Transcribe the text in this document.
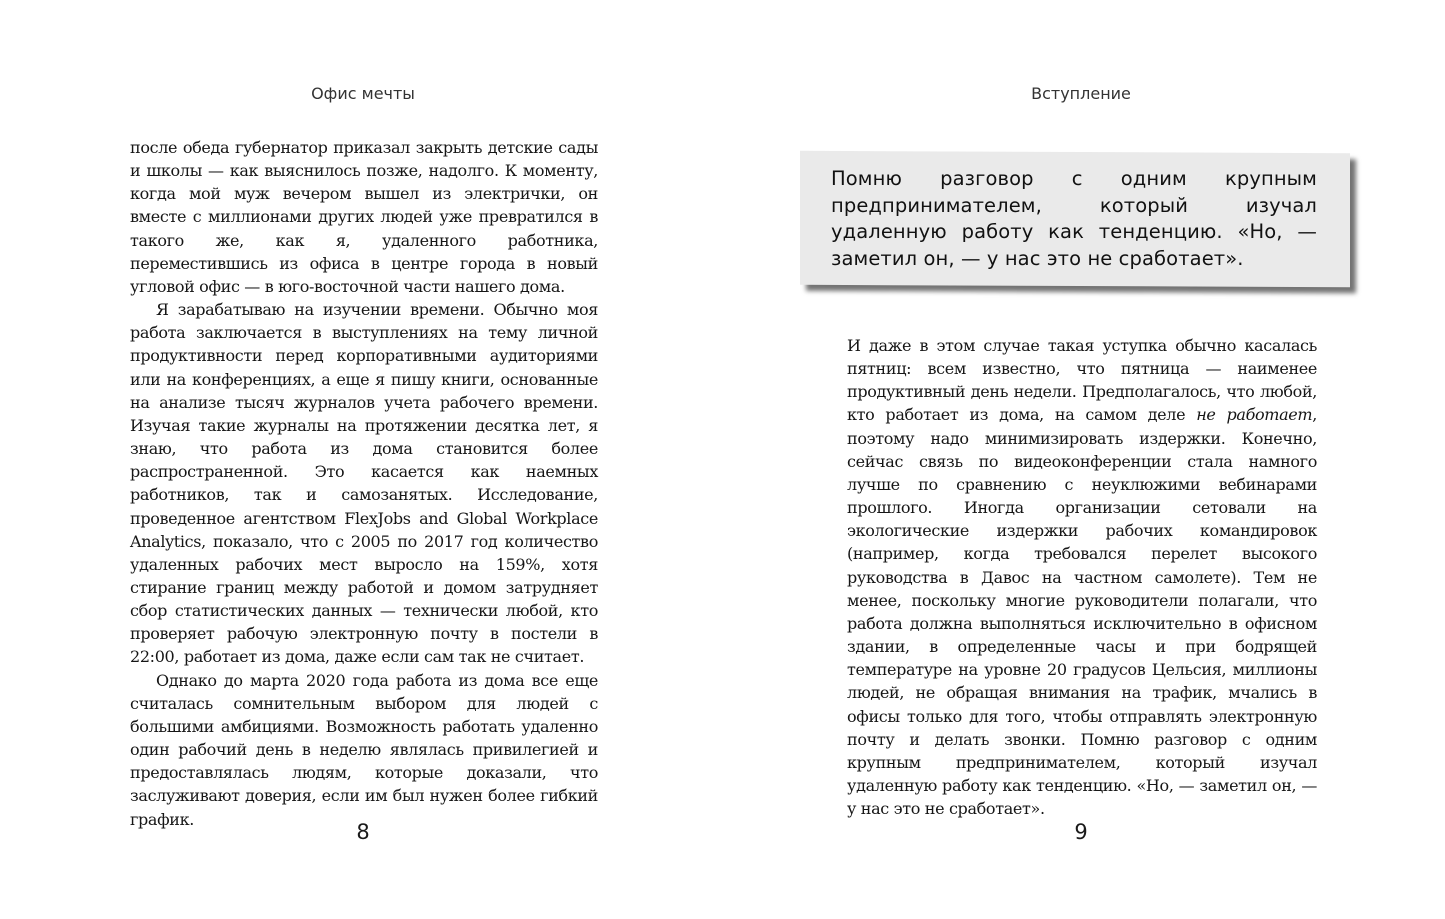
Офис мечты

после обеда губернатор приказал закрыть детские сады и школы — как выяснилось позже, надолго. К моменту, когда мой муж вечером вышел из электрички, он вместе с миллионами других людей уже превратился в такого же, как я, удаленного работника, переместившись из офиса в центре города в новый угловой офис — в юго-восточной части нашего дома.

Я зарабатываю на изучении времени. Обычно моя работа заключается в выступлениях на тему личной продуктивности перед корпоративными аудиториями или на конференциях, а еще я пишу книги, основанные на анализе тысяч журналов учета рабочего времени. Изучая такие журналы на протяжении десятка лет, я знаю, что работа из дома становится более распространенной. Это касается как наемных работников, так и самозанятых. Исследование, проведенное агентством FlexJobs and Global Workplace Analytics, показало, что с 2005 по 2017 год количество удаленных рабочих мест выросло на 159%, хотя стирание границ между работой и домом затрудняет сбор статистических данных — технически любой, кто проверяет рабочую электронную почту в постели в 22:00, работает из дома, даже если сам так не считает.

Однако до марта 2020 года работа из дома все еще считалась сомнительным выбором для людей с большими амбициями. Возможность работать удаленно один рабочий день в неделю являлась привилегией и предоставлялась людям, которые доказали, что заслуживают доверия, если им был нужен более гибкий график.

8
Вступление
Помню разговор с одним крупным предпринимателем, который изучал удаленную работу как тенденцию. «Но, — заметил он, — у нас это не сработает».

И даже в этом случае такая уступка обычно касалась пятниц: всем известно, что пятница — наименее продуктивный день недели. Предполагалось, что любой, кто работает из дома, на самом деле не работает, поэтому надо минимизировать издержки. Конечно, сейчас связь по видеоконференции стала намного лучше по сравнению с неуклюжими вебинарами прошлого. Иногда организации сетовали на экологические издержки рабочих командировок (например, когда требовался перелет высокого руководства в Давос на частном самолете). Тем не менее, поскольку многие руководители полагали, что работа должна выполняться исключительно в офисном здании, в определенные часы и при бодрящей температуре на уровне 20 градусов Цельсия, миллионы людей, не обращая внимания на трафик, мчались в офисы только для того, чтобы отправлять электронную почту и делать звонки. Помню разговор с одним крупным предпринимателем, который изучал удаленную работу как тенденцию. «Но, — заметил он, — у нас это не сработает».

9
